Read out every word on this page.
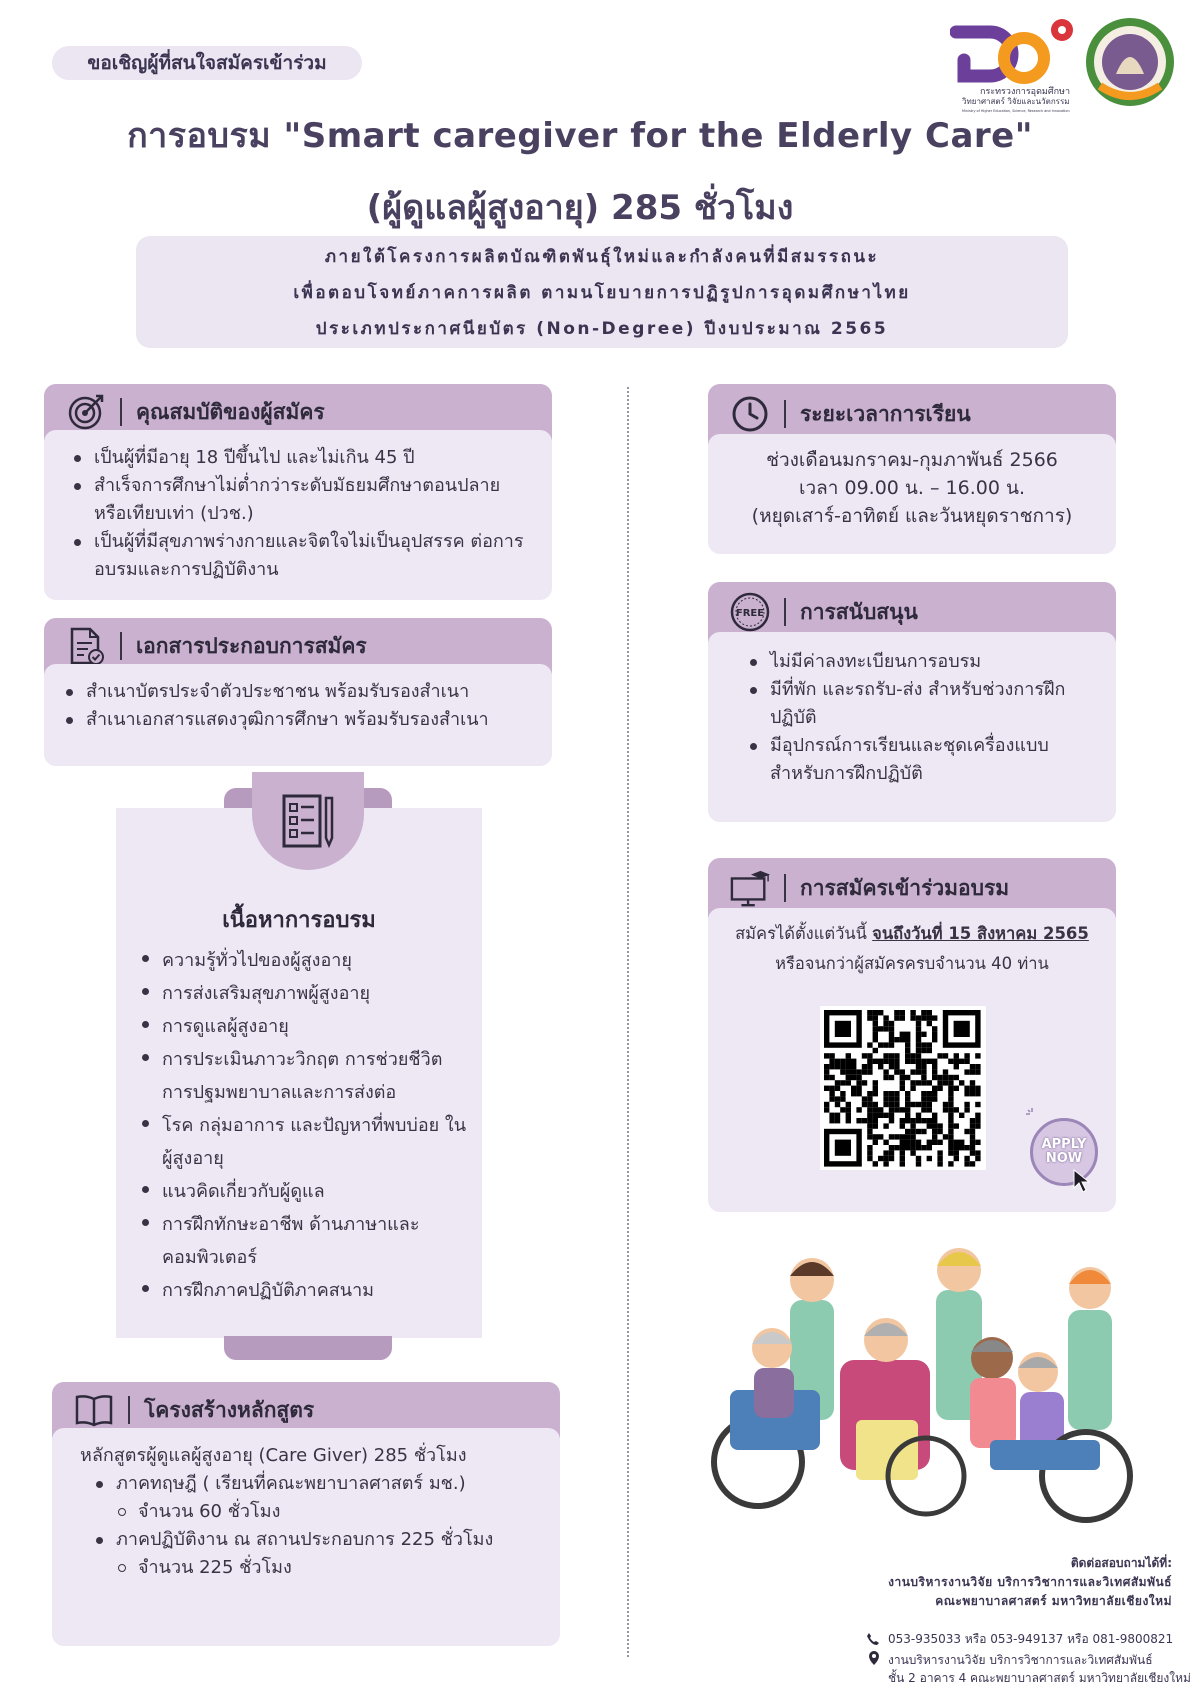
ขอเชิญผู้ที่สนใจสมัครเข้าร่วม
กระทรวงการอุดมศึกษา
วิทยาศาสตร์ วิจัยและนวัตกรรม
Ministry of Higher Education, Science, Research and Innovation
การอบรม "Smart caregiver for the Elderly Care"
(ผู้ดูแลผู้สูงอายุ) 285 ชั่วโมง
ภายใต้โครงการผลิตบัณฑิตพันธุ์ใหม่และกำลังคนที่มีสมรรถนะ
เพื่อตอบโจทย์ภาคการผลิต ตามนโยบายการปฏิรูปการอุดมศึกษาไทย
ประเภทประกาศนียบัตร (Non-Degree) ปีงบประมาณ 2565
คุณสมบัติของผู้สมัคร
เป็นผู้ที่มีอายุ 18 ปีขึ้นไป และไม่เกิน 45 ปี
สำเร็จการศึกษาไม่ต่ำกว่าระดับมัธยมศึกษาตอนปลาย หรือเทียบเท่า (ปวช.)
เป็นผู้ที่มีสุขภาพร่างกายและจิตใจไม่เป็นอุปสรรค ต่อการอบรมและการปฏิบัติงาน
เอกสารประกอบการสมัคร
สำเนาบัตรประจำตัวประชาชน พร้อมรับรองสำเนา
สำเนาเอกสารแสดงวุฒิการศึกษา พร้อมรับรองสำเนา
เนื้อหาการอบรม
ความรู้ทั่วไปของผู้สูงอายุ
การส่งเสริมสุขภาพผู้สูงอายุ
การดูแลผู้สูงอายุ
การประเมินภาวะวิกฤต การช่วยชีวิต การปฐมพยาบาลและการส่งต่อ
โรค กลุ่มอาการ และปัญหาที่พบบ่อย ในผู้สูงอายุ
แนวคิดเกี่ยวกับผู้ดูแล
การฝึกทักษะอาชีพ ด้านภาษาและ คอมพิวเตอร์
การฝึกภาคปฏิบัติภาคสนาม
โครงสร้างหลักสูตร
หลักสูตรผู้ดูแลผู้สูงอายุ (Care Giver) 285 ชั่วโมง
ภาคทฤษฎี ( เรียนที่คณะพยาบาลศาสตร์ มช.)
จำนวน 60 ชั่วโมง
ภาคปฏิบัติงาน ณ สถานประกอบการ 225 ชั่วโมง
จำนวน 225 ชั่วโมง
ระยะเวลาการเรียน
ช่วงเดือนมกราคม-กุมภาพันธ์ 2566
เวลา 09.00 น. – 16.00 น.
(หยุดเสาร์-อาทิตย์ และวันหยุดราชการ)
FREE การสนับสนุน
ไม่มีค่าลงทะเบียนการอบรม
มีที่พัก และรถรับ-ส่ง สำหรับช่วงการฝึกปฏิบัติ
มีอุปกรณ์การเรียนและชุดเครื่องแบบ สำหรับการฝึกปฏิบัติ
การสมัครเข้าร่วมอบรม
สมัครได้ตั้งแต่วันนี้ จนถึงวันที่ 15 สิงหาคม 2565
หรือจนกว่าผู้สมัครครบจำนวน 40 ท่าน
APPLY
NOW
ติดต่อสอบถามได้ที่:
งานบริหารงานวิจัย บริการวิชาการและวิเทศสัมพันธ์
คณะพยาบาลศาสตร์ มหาวิทยาลัยเชียงใหม่
053-935033 หรือ 053-949137 หรือ 081-9800821
งานบริหารงานวิจัย บริการวิชาการและวิเทศสัมพันธ์
ชั้น 2 อาคาร 4 คณะพยาบาลศาสตร์ มหาวิทยาลัยเชียงใหม่
